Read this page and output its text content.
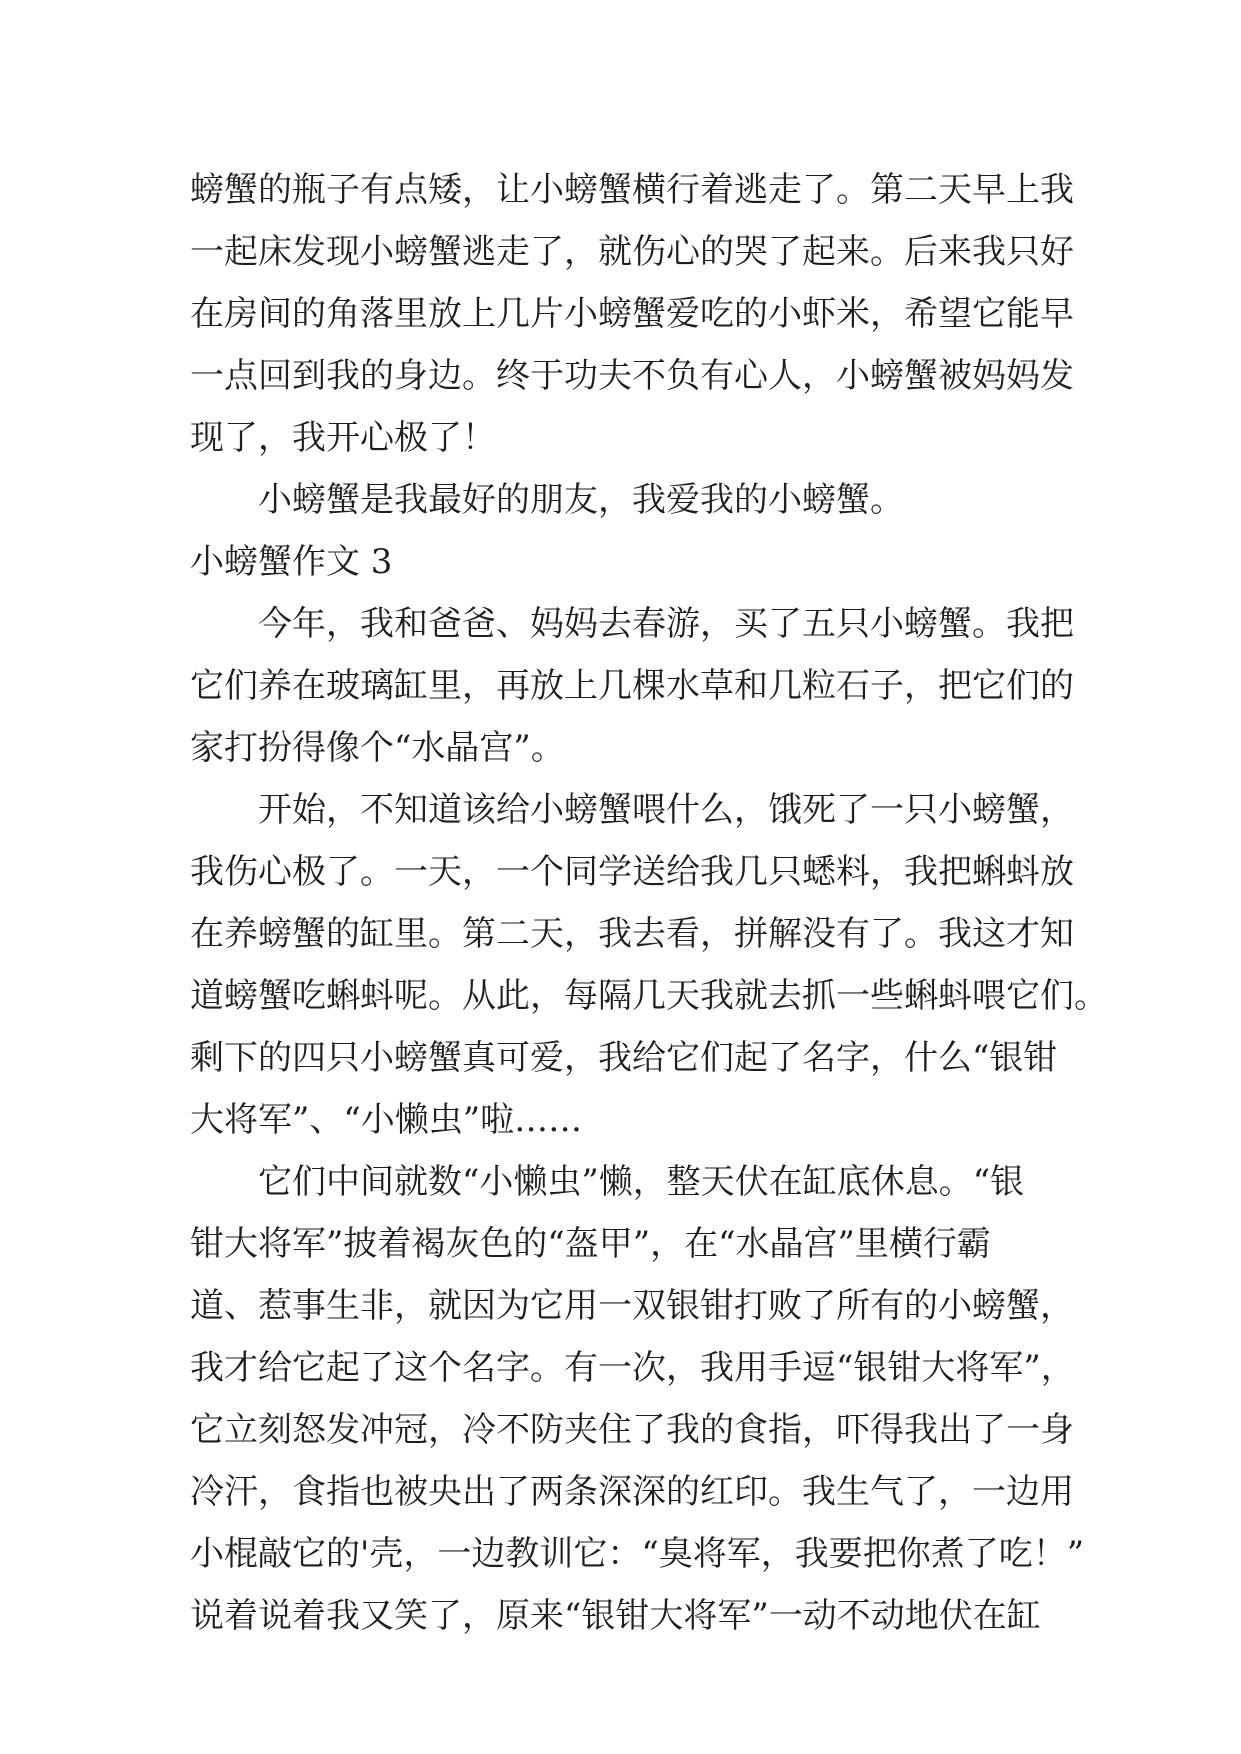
螃蟹的瓶子有点矮，让小螃蟹横行着逃走了。第二天早上我
一起床发现小螃蟹逃走了，就伤心的哭了起来。后来我只好
在房间的角落里放上几片小螃蟹爱吃的小虾米，希望它能早
一点回到我的身边。终于功夫不负有心人，小螃蟹被妈妈发
现了，我开心极了！
小螃蟹是我最好的朋友，我爱我的小螃蟹。
小螃蟹作文 3
今年，我和爸爸、妈妈去春游，买了五只小螃蟹。我把
它们养在玻璃缸里，再放上几棵水草和几粒石子，把它们的
家打扮得像个“水晶宫”。
开始，不知道该给小螃蟹喂什么，饿死了一只小螃蟹，
我伤心极了。一天，一个同学送给我几只蟋料，我把蝌蚪放
在养螃蟹的缸里。第二天，我去看，拼解没有了。我这才知
道螃蟹吃蝌蚪呢。从此，每隔几天我就去抓一些蝌蚪喂它们。
剩下的四只小螃蟹真可爱，我给它们起了名字，什么“银钳
大将军”、“小懒虫”啦……
它们中间就数“小懒虫”懒，整天伏在缸底休息。“银
钳大将军”披着褐灰色的“盔甲”，在“水晶宫”里横行霸
道、惹事生非，就因为它用一双银钳打败了所有的小螃蟹，
我才给它起了这个名字。有一次，我用手逗“银钳大将军”，
它立刻怒发冲冠，冷不防夹住了我的食指，吓得我出了一身
冷汗，食指也被央出了两条深深的红印。我生气了，一边用
小棍敲它的'壳，一边教训它：“臭将军，我要把你煮了吃！”
说着说着我又笑了，原来“银钳大将军”一动不动地伏在缸
